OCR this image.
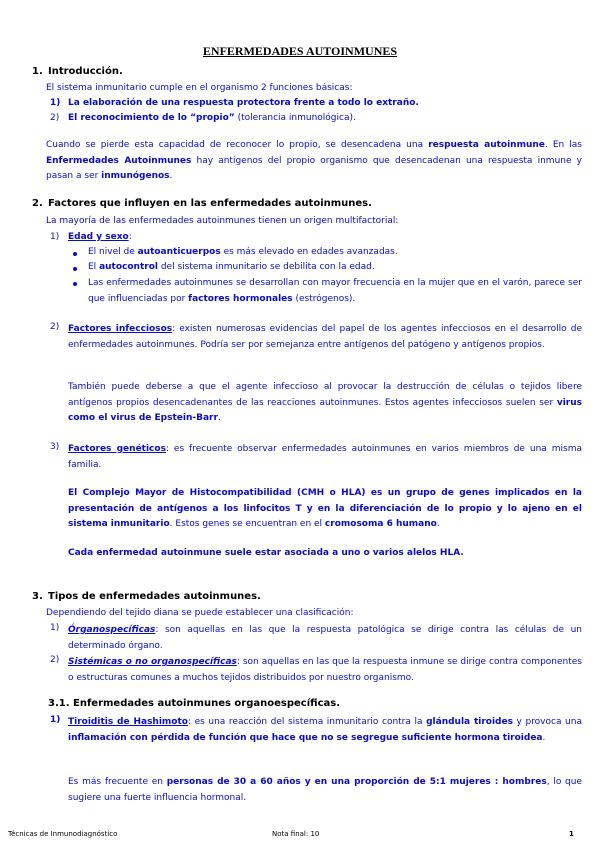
ENFERMEDADES AUTOINMUNES
1. Introducción.
El sistema inmunitario cumple en el organismo 2 funciones básicas:
1) La elaboración de una respuesta protectora frente a todo lo extraño.
2) El reconocimiento de lo “propio” (tolerancia inmunológica).

Cuando se pierde esta capacidad de reconocer lo propio, se desencadena una respuesta autoinmune. En las Enfermedades Autoinmunes hay antígenos del propio organismo que desencadenan una respuesta inmune y pasan a ser inmunógenos.

2. Factores que influyen en las enfermedades autoinmunes.
La mayoría de las enfermedades autoinmunes tienen un origen multifactorial:
1) Edad y sexo:
El nivel de autoanticuerpos es más elevado en edades avanzadas.
El autocontrol del sistema inmunitario se debilita con la edad.

Las enfermedades autoinmunes se desarrollan con mayor frecuencia en la mujer que en el varón, parece ser que influenciadas por factores hormonales (estrógenos).

2) Factores infecciosos: existen numerosas evidencias del papel de los agentes infecciosos en el desarrollo de enfermedades autoinmunes. Podría ser por semejanza entre antígenos del patógeno y antígenos propios.

También puede deberse a que el agente infeccioso al provocar la destrucción de células o tejidos libere antígenos propios desencadenantes de las reacciones autoinmunes. Estos agentes infecciosos suelen ser virus como el virus de Epstein-Barr.

3) Factores genéticos: es frecuente observar enfermedades autoinmunes en varios miembros de una misma familia.

El Complejo Mayor de Histocompatibilidad (CMH o HLA) es un grupo de genes implicados en la presentación de antígenos a los linfocitos T y en la diferenciación de lo propio y lo ajeno en el sistema inmunitario. Estos genes se encuentran en el cromosoma 6 humano.

Cada enfermedad autoinmune suele estar asociada a uno o varios alelos HLA.
3. Tipos de enfermedades autoinmunes.
Dependiendo del tejido diana se puede establecer una clasificación:
1) Órganospecíficas: son aquellas en las que la respuesta patológica se dirige contra las células de un determinado órgano.

2) Sistémicas o no organospecíficas: son aquellas en las que la respuesta inmune se dirige contra componentes o estructuras comunes a muchos tejidos distribuidos por nuestro organismo.

3.1. Enfermedades autoinmunes organoespecíficas.
1) Tiroiditis de Hashimoto: es una reacción del sistema inmunitario contra la glándula tiroides y provoca una inflamación con pérdida de función que hace que no se segregue suficiente hormona tiroidea.

Es más frecuente en personas de 30 a 60 años y en una proporción de 5:1 mujeres : hombres, lo que sugiere una fuerte influencia hormonal.

Técnicas de Inmunodiagnóstico	Nota final: 10	1
